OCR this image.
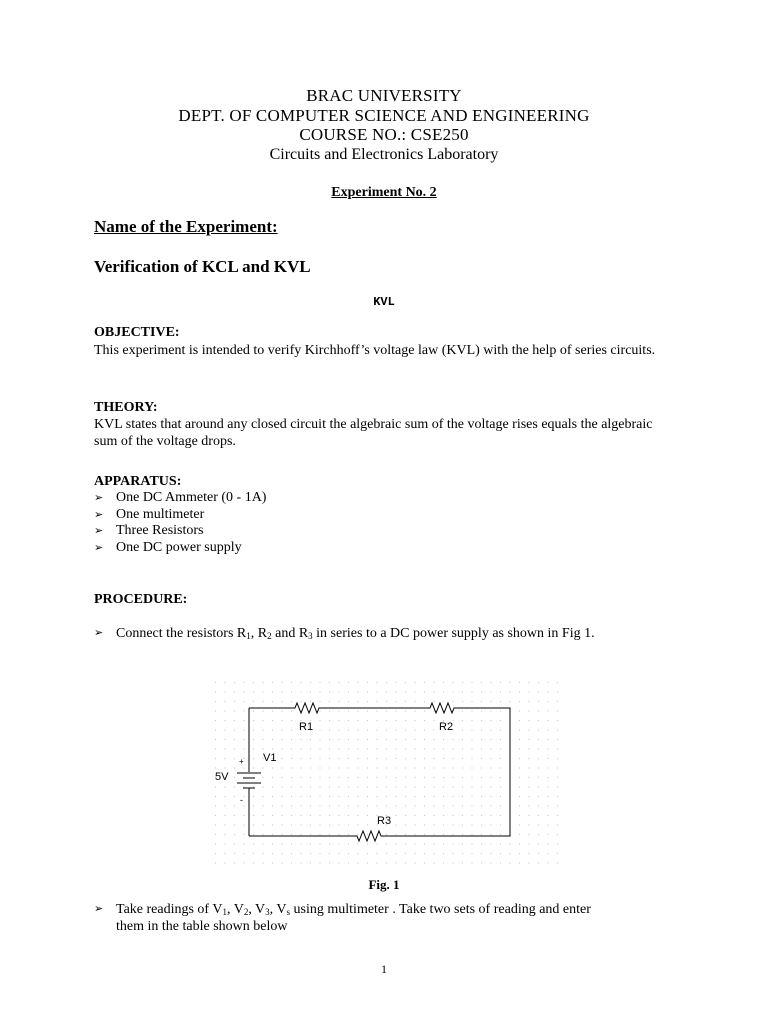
BRAC UNIVERSITY
DEPT. OF COMPUTER SCIENCE AND ENGINEERING
COURSE NO.: CSE250
Circuits and Electronics Laboratory
Experiment No. 2
Name of the Experiment:
Verification of KCL and KVL
KVL
OBJECTIVE:
This experiment is intended to verify Kirchhoff’s voltage law (KVL) with the help of series circuits.
THEORY:
KVL states that around any closed circuit the algebraic sum of the voltage rises equals the algebraic sum of the voltage drops.
APPARATUS:
➢ One DC Ammeter (0 - 1A)
➢ One multimeter
➢ Three Resistors
➢ One DC power supply
PROCEDURE:
➢ Connect the resistors $R_1$, $R_2$ and $R_3$ in series to a DC power supply as shown in Fig 1.
R1	R2
R3
V1
5V
+
-
Fig. 1
➢ Take readings of $V_1$, $V_2$, $V_3$, $V_s$ using multimeter . Take two sets of reading and enter
them in the table shown below
1
